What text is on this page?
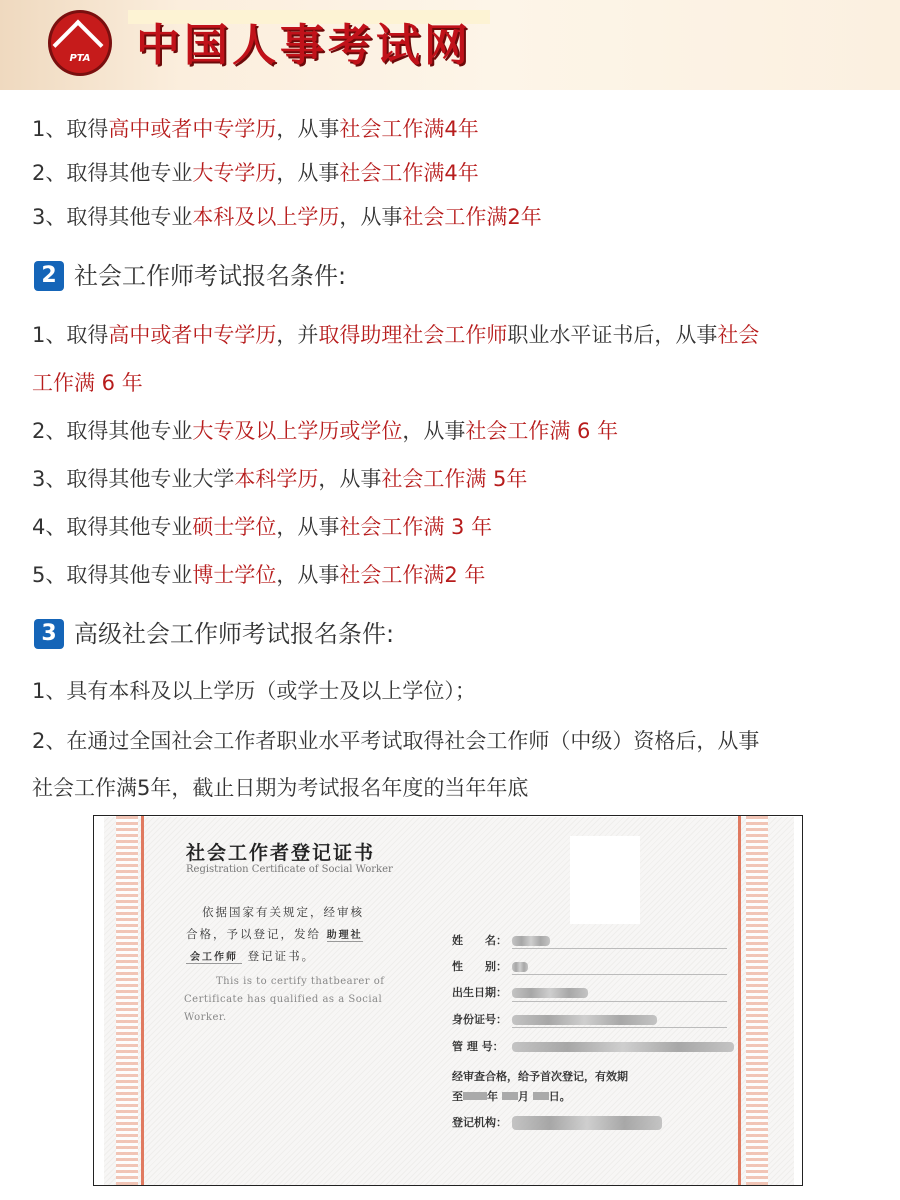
PTA	中国人事考试网
1、取得高中或者中专学历，从事社会工作满4年
2、取得其他专业大专学历，从事社会工作满4年
3、取得其他专业本科及以上学历，从事社会工作满2年
2 社会工作师考试报名条件:
1、取得高中或者中专学历，并取得助理社会工作师职业水平证书后，从事社会
工作满 6 年
2、取得其他专业大专及以上学历或学位，从事社会工作满 6 年
3、取得其他专业大学本科学历，从事社会工作满 5年
4、取得其他专业硕士学位，从事社会工作满 3 年
5、取得其他专业博士学位，从事社会工作满2 年
3 高级社会工作师考试报名条件:
1、具有本科及以上学历（或学士及以上学位）；
2、在通过全国社会工作者职业水平考试取得社会工作师（中级）资格后，从事
社会工作满5年，截止日期为考试报名年度的当年年底
社会工作者登记证书
Registration Certificate of Social Worker
依据国家有关规定，经审核
合格，予以登记，发给 助理社
会工作师 登记证书。
This is to certify thatbearer of
Certificate has qualified as a Social
Worker.
姓　　名：
性　　别：
出生日期：
身份证号：
管 理 号：
经审查合格，给予首次登记，有效期
至 年 月 日。
登记机构：
